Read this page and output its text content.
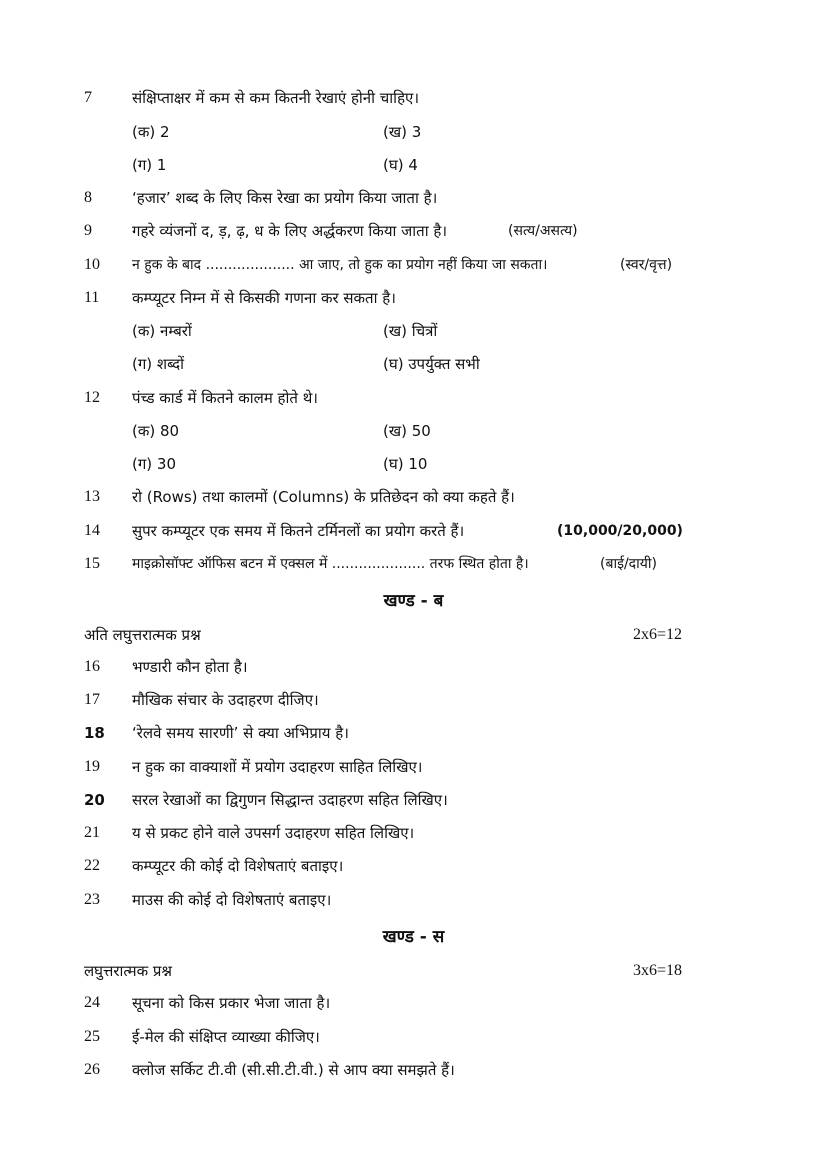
7	संक्षिप्ताक्षर में कम से कम कितनी रेखाएं होनी चाहिए।
(क) 2	(ख) 3
(ग) 1	(घ) 4
8	‘हजार’ शब्द के लिए किस रेखा का प्रयोग किया जाता है।
9	गहरे व्यंजनों द, ड़, ढ़, ध के लिए अर्द्धकरण किया जाता है।	(सत्य/असत्य)
10	न हुक के बाद .................... आ जाए, तो हुक का प्रयोग नहीं किया जा सकता।	(स्वर/वृत्त)
11	कम्प्यूटर निम्न में से किसकी गणना कर सकता है।
(क) नम्बरों	(ख) चित्रों
(ग) शब्दों	(घ) उपर्युक्त सभी
12	पंच्ड कार्ड में कितने कालम होते थे।
(क) 80	(ख) 50
(ग) 30	(घ) 10
13	रो (Rows) तथा कालमों (Columns) के प्रतिछेदन को क्या कहते हैं।
14	सुपर कम्प्यूटर एक समय में कितने टर्मिनलों का प्रयोग करते हैं।	(10,000/20,000)
15	माइक्रोसॉफ्ट ऑफिस बटन में एक्सल में ..................... तरफ स्थित होता है।	(बाई/दायी)
खण्ड - ब
अति लघुत्तरात्मक प्रश्न	2x6=12
16	भण्डारी कौन होता है।
17	मौखिक संचार के उदाहरण दीजिए।
18	‘रेलवे समय सारणी’ से क्या अभिप्राय है।
19	न हुक का वाक्याशों में प्रयोग उदाहरण साहित लिखिए।
20	सरल रेखाओं का द्विगुणन सिद्धान्त उदाहरण सहित लिखिए।
21	य से प्रकट होने वाले उपसर्ग उदाहरण सहित लिखिए।
22	कम्प्यूटर की कोई दो विशेषताएं बताइए।
23	माउस की कोई दो विशेषताएं बताइए।
खण्ड - स
लघुत्तरात्मक प्रश्न	3x6=18
24	सूचना को किस प्रकार भेजा जाता है।
25	ई-मेल की संक्षिप्त व्याख्या कीजिए।
26	क्लोज सर्किट टी.वी (सी.सी.टी.वी.) से आप क्या समझते हैं।
